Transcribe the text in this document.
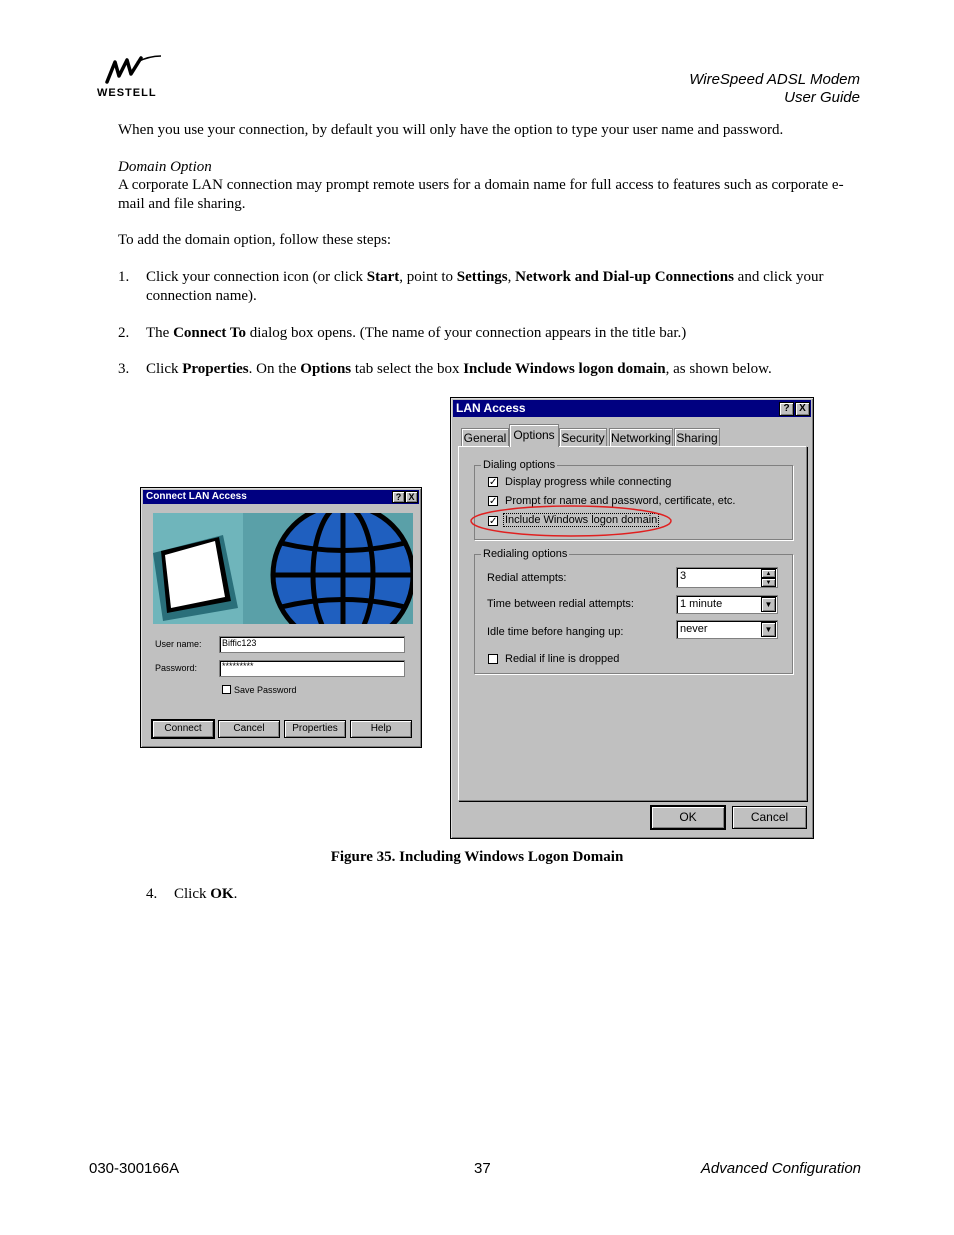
WESTELL
WireSpeed ADSL Modem
User Guide
When you use your connection, by default you will only have the option to type your user name and password.
Domain Option
A corporate LAN connection may prompt remote users for a domain name for full access to features such as corporate e-mail and file sharing.
To add the domain option, follow these steps:
1. Click your connection icon (or click Start, point to Settings, Network and Dial-up Connections and click your connection name).
2. The Connect To dialog box opens. (The name of your connection appears in the title bar.)
3. Click Properties. On the Options tab select the box Include Windows logon domain, as shown below.
Connect LAN Access	? X
User name: Biffic123
Password:	*********
Save Password
Connect	Cancel	Properties	Help
LAN Access	? X
General Options Security Networking Sharing
Dialing options
✓ Display progress while connecting
✓ Prompt for name and password, certificate, etc.
✓ Include Windows logon domain
Redialing options
Redial attempts:	3	▲
▼
Time between redial attempts:	1 minute	▼
Idle time before hanging up:	never	▼
Redial if line is dropped
OK	Cancel
Figure 35. Including Windows Logon Domain
4. Click OK.
030-300166A	37	Advanced Configuration
